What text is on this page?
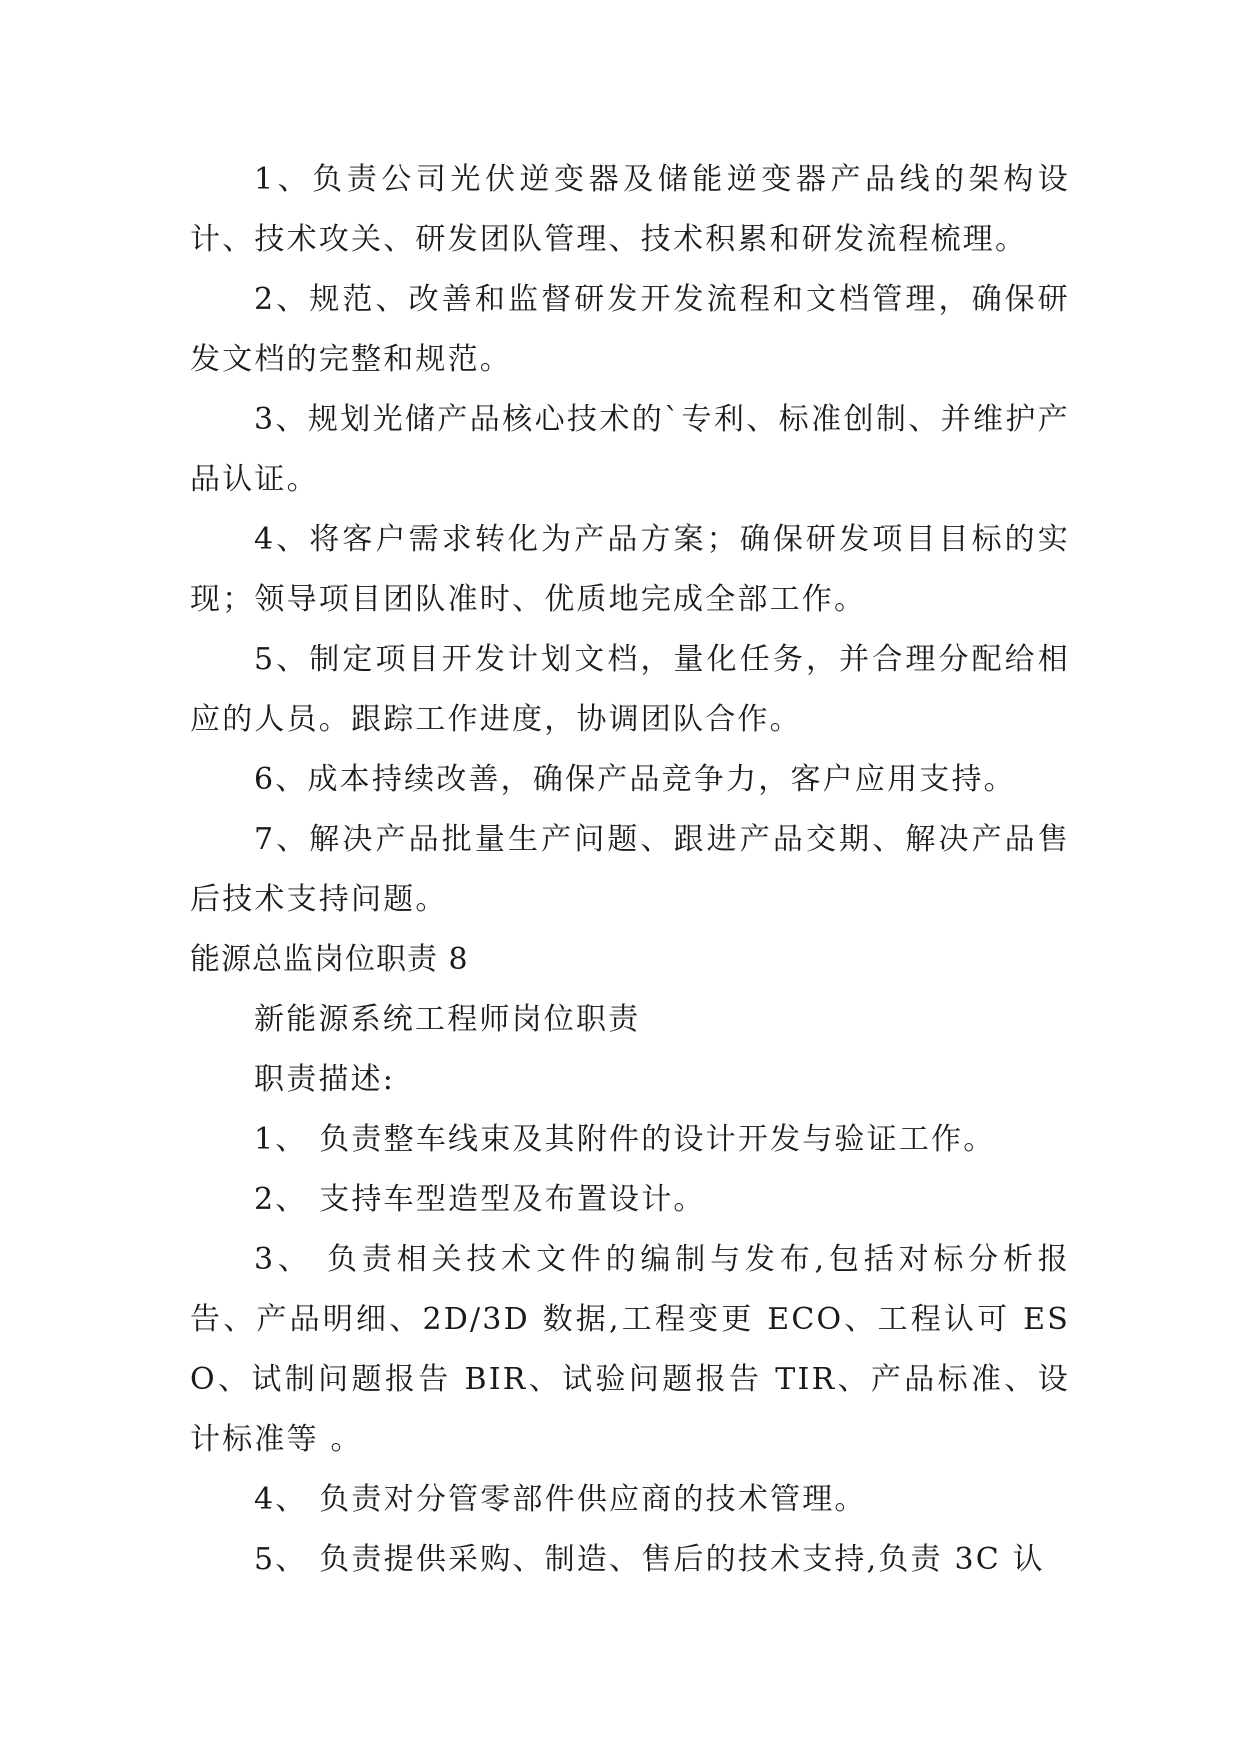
1、负责公司光伏逆变器及储能逆变器产品线的架构设计、技术攻关、研发团队管理、技术积累和研发流程梳理。

2、规范、改善和监督研发开发流程和文档管理，确保研发文档的完整和规范。

3、规划光储产品核心技术的`专利、标准创制、并维护产品认证。

4、将客户需求转化为产品方案；确保研发项目目标的实现；领导项目团队准时、优质地完成全部工作。

5、制定项目开发计划文档，量化任务，并合理分配给相应的人员。跟踪工作进度，协调团队合作。

6、成本持续改善，确保产品竞争力，客户应用支持。

7、解决产品批量生产问题、跟进产品交期、解决产品售后技术支持问题。

能源总监岗位职责 8

新能源系统工程师岗位职责

职责描述:

1、 负责整车线束及其附件的设计开发与验证工作。

2、 支持车型造型及布置设计。

3、 负责相关技术文件的编制与发布,包括对标分析报告、产品明细、2D/3D 数据,工程变更 ECO、工程认可 ESO、试制问题报告 BIR、试验问题报告 TIR、产品标准、设计标准等 。

4、 负责对分管零部件供应商的技术管理。

5、 负责提供采购、制造、售后的技术支持,负责 3C 认
